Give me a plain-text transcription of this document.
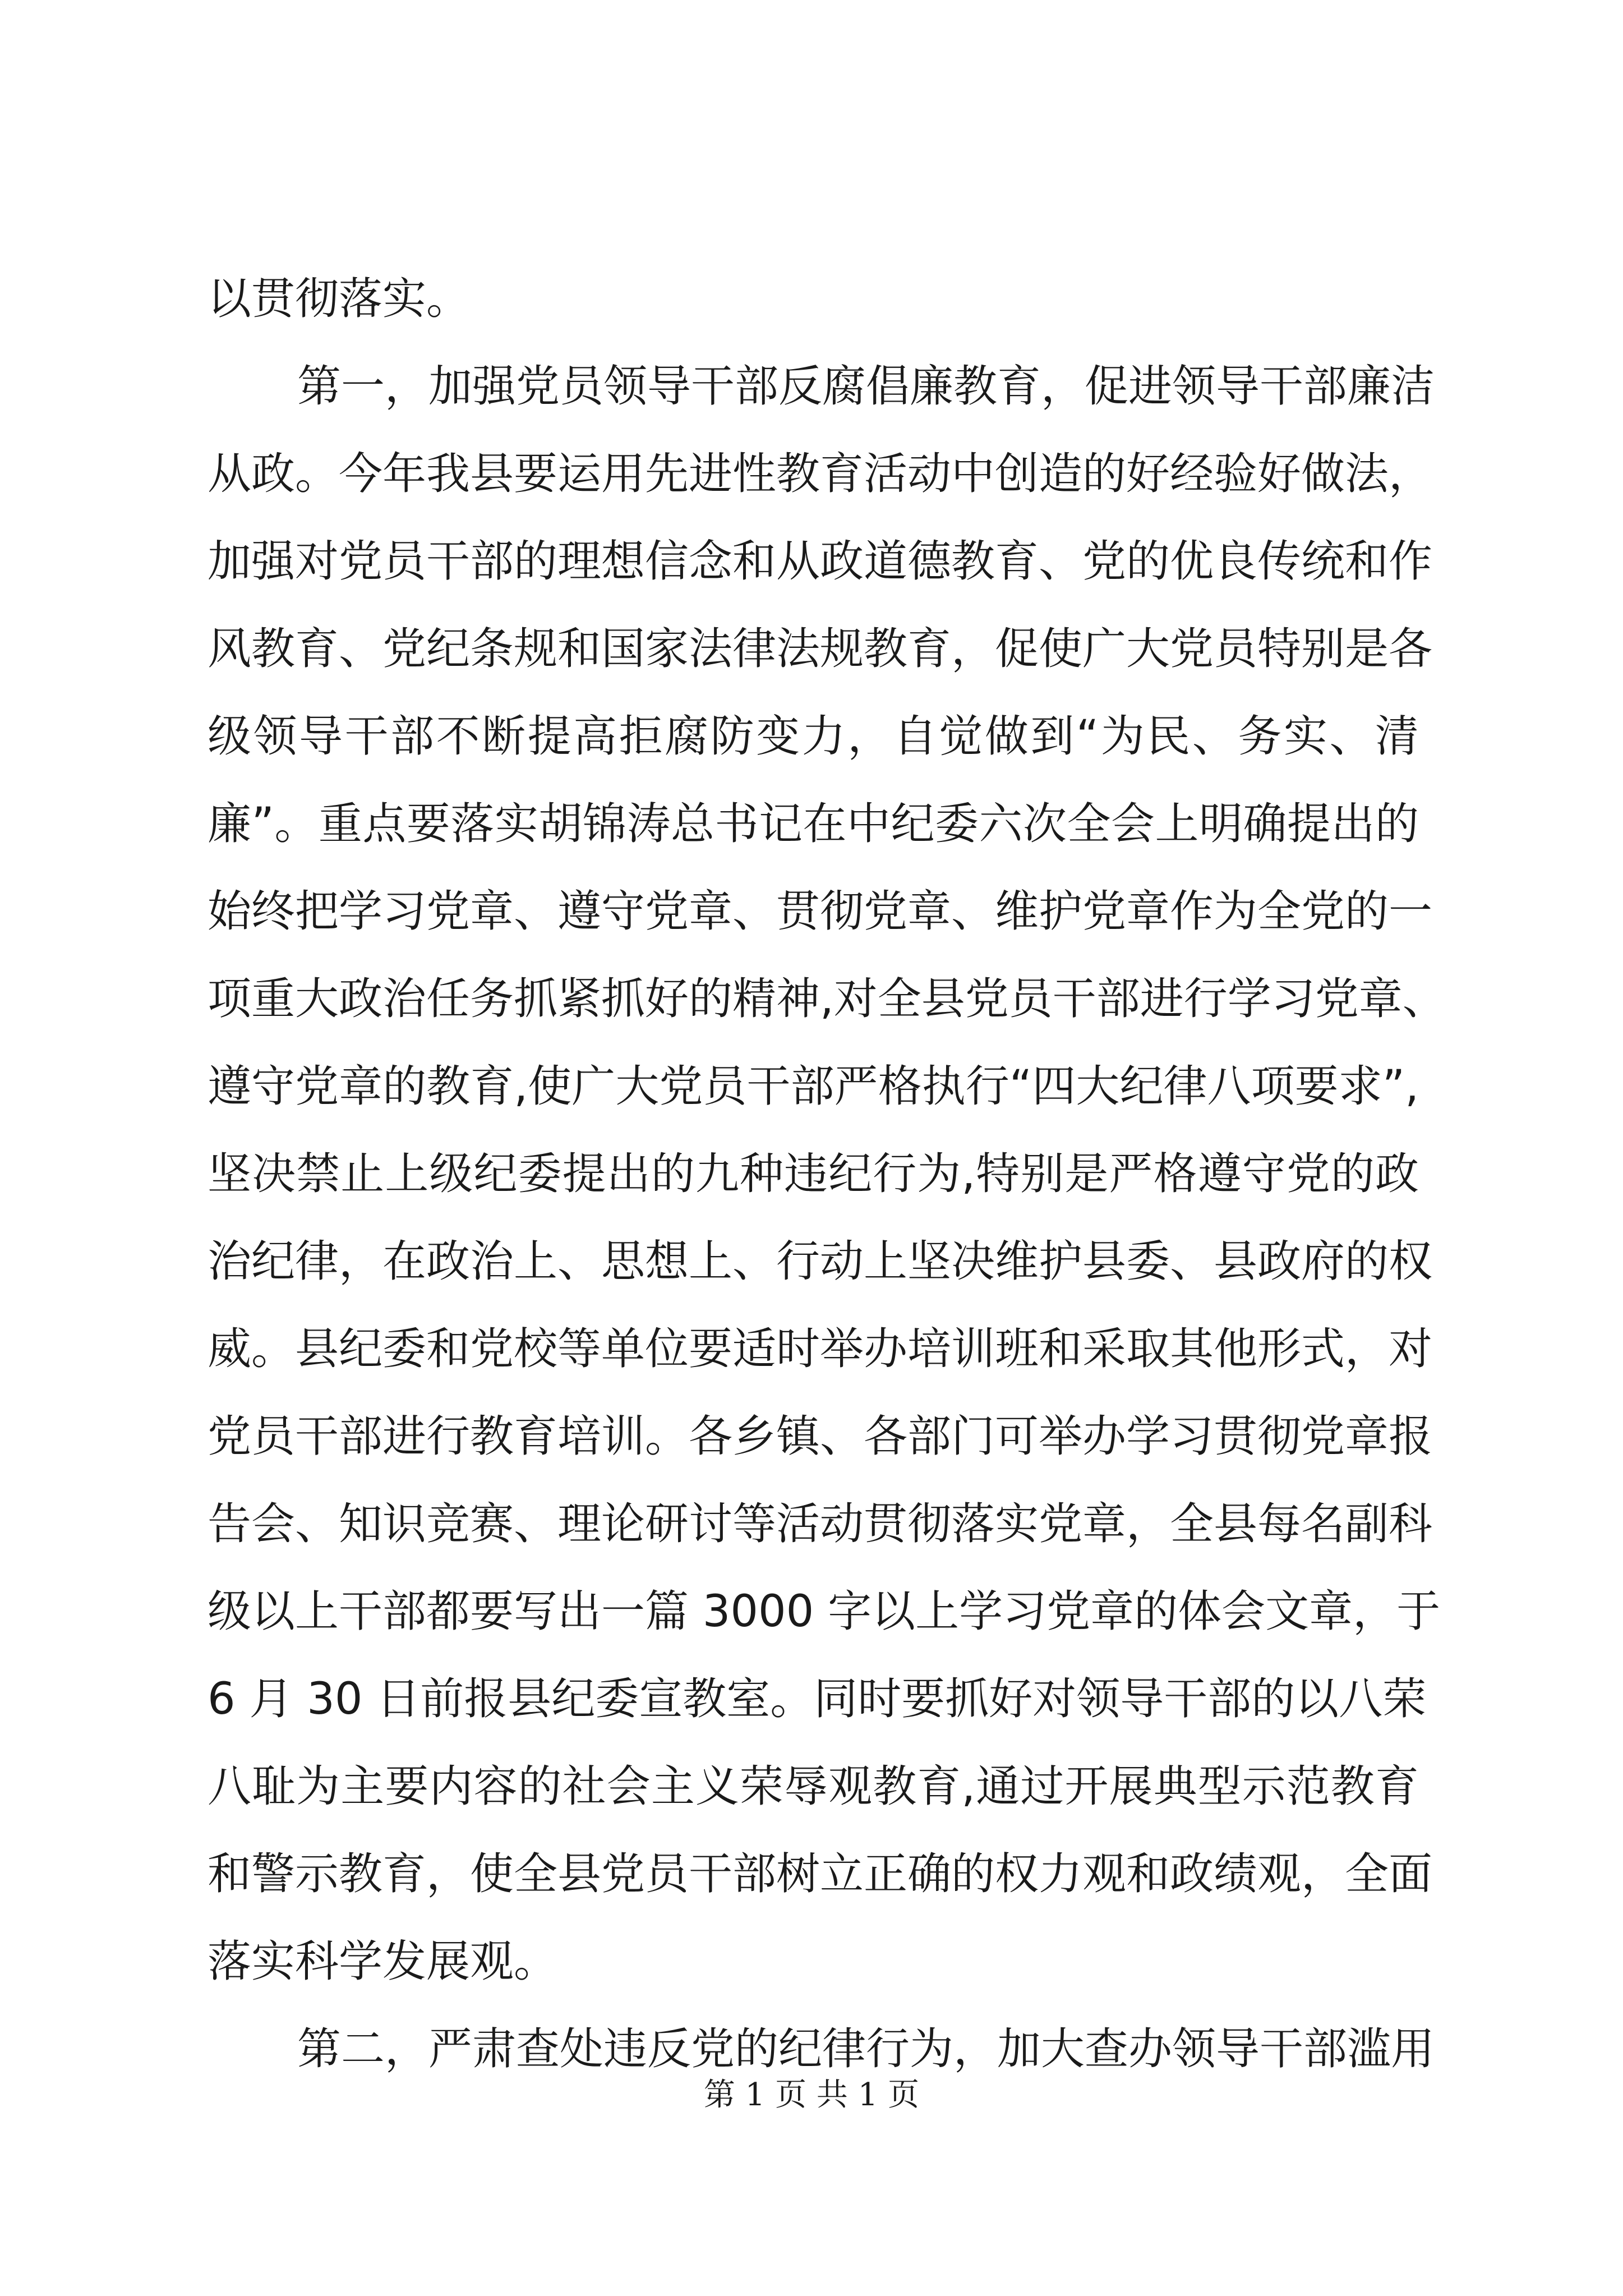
以贯彻落实。
第一，加强党员领导干部反腐倡廉教育，促进领导干部廉洁
从政。今年我县要运用先进性教育活动中创造的好经验好做法，
加强对党员干部的理想信念和从政道德教育、党的优良传统和作
风教育、党纪条规和国家法律法规教育，促使广大党员特别是各
级领导干部不断提高拒腐防变力，自觉做到“为民、务实、清
廉”。重点要落实胡锦涛总书记在中纪委六次全会上明确提出的
始终把学习党章、遵守党章、贯彻党章、维护党章作为全党的一
项重大政治任务抓紧抓好的精神,对全县党员干部进行学习党章、
遵守党章的教育,使广大党员干部严格执行“四大纪律八项要求”,
坚决禁止上级纪委提出的九种违纪行为,特别是严格遵守党的政
治纪律，在政治上、思想上、行动上坚决维护县委、县政府的权
威。县纪委和党校等单位要适时举办培训班和采取其他形式，对
党员干部进行教育培训。各乡镇、各部门可举办学习贯彻党章报
告会、知识竞赛、理论研讨等活动贯彻落实党章，全县每名副科
级以上干部都要写出一篇 3000 字以上学习党章的体会文章，于
6 月 30 日前报县纪委宣教室。同时要抓好对领导干部的以八荣
八耻为主要内容的社会主义荣辱观教育,通过开展典型示范教育
和警示教育，使全县党员干部树立正确的权力观和政绩观，全面
落实科学发展观。
第二，严肃查处违反党的纪律行为，加大查办领导干部滥用
第 1 页 共 1 页
